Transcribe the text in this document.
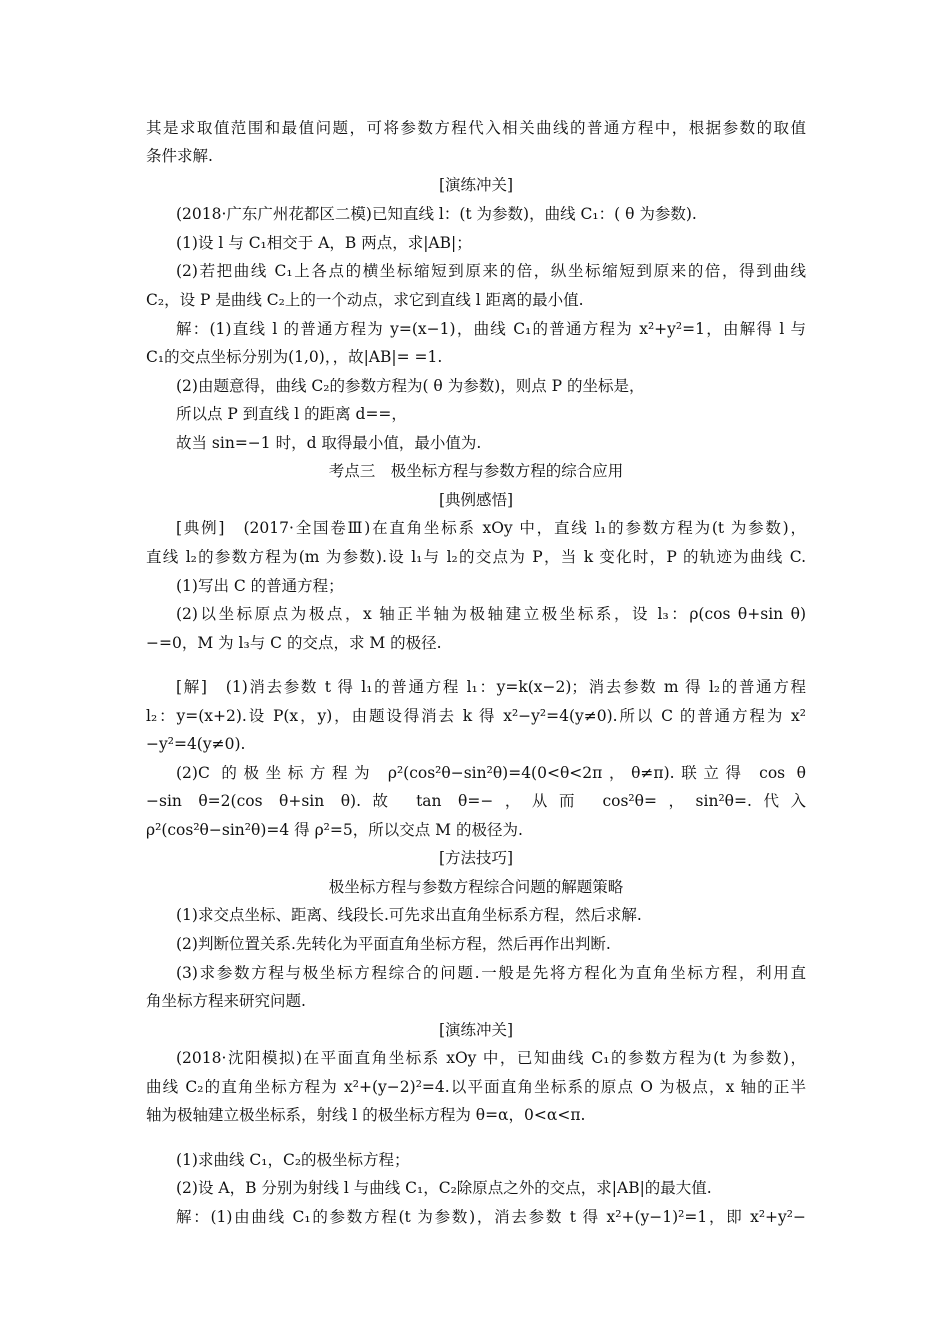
其是求取值范围和最值问题，可将参数方程代入相关曲线的普通方程中，根据参数的取值
条件求解.
[演练冲关]
(2018·广东广州花都区二模)已知直线 l：(t 为参数)，曲线 C₁：( θ 为参数).
(1)设 l 与 C₁相交于 A，B 两点，求|AB|；
(2)若把曲线 C₁上各点的横坐标缩短到原来的倍，纵坐标缩短到原来的倍，得到曲线
C₂，设 P 是曲线 C₂上的一个动点，求它到直线 l 距离的最小值.
解：(1)直线 l 的普通方程为 y=(x−1)，曲线 C₁的普通方程为 x²+y²=1，由解得 l 与
C₁的交点坐标分别为(1,0)，，故|AB|= =1.
(2)由题意得，曲线 C₂的参数方程为( θ 为参数)，则点 P 的坐标是，
所以点 P 到直线 l 的距离 d==，
故当 sin=−1 时，d 取得最小值，最小值为.
考点三　极坐标方程与参数方程的综合应用
[典例感悟]
[典例]　(2017·全国卷Ⅲ)在直角坐标系 xOy 中，直线 l₁的参数方程为(t 为参数)，
直线 l₂的参数方程为(m 为参数).设 l₁与 l₂的交点为 P，当 k 变化时，P 的轨迹为曲线 C.
(1)写出 C 的普通方程；
(2)以坐标原点为极点，x 轴正半轴为极轴建立极坐标系，设 l₃：ρ(cos θ+sin θ)
−=0，M 为 l₃与 C 的交点，求 M 的极径.
[解]　(1)消去参数 t 得 l₁的普通方程 l₁：y=k(x−2)；消去参数 m 得 l₂的普通方程
l₂：y=(x+2).设 P(x，y)，由题设得消去 k 得 x²−y²=4(y≠0).所以 C 的普通方程为 x²
−y²=4(y≠0).
(2)C 的极坐标方程为 ρ²(cos²θ−sin²θ)=4(0<θ<2π，θ≠π).联立得 cos θ
−sin θ=2(cos θ+sin θ).故 tan θ=−，从而 cos²θ=，sin²θ=.代入
ρ²(cos²θ−sin²θ)=4 得 ρ²=5，所以交点 M 的极径为.
[方法技巧]
极坐标方程与参数方程综合问题的解题策略
(1)求交点坐标、距离、线段长.可先求出直角坐标系方程，然后求解.
(2)判断位置关系.先转化为平面直角坐标方程，然后再作出判断.
(3)求参数方程与极坐标方程综合的问题.一般是先将方程化为直角坐标方程，利用直
角坐标方程来研究问题.
[演练冲关]
(2018·沈阳模拟)在平面直角坐标系 xOy 中，已知曲线 C₁的参数方程为(t 为参数)，
曲线 C₂的直角坐标方程为 x²+(y−2)²=4.以平面直角坐标系的原点 O 为极点，x 轴的正半
轴为极轴建立极坐标系，射线 l 的极坐标方程为 θ=α，0<α<π.
(1)求曲线 C₁，C₂的极坐标方程；
(2)设 A，B 分别为射线 l 与曲线 C₁，C₂除原点之外的交点，求|AB|的最大值.
解：(1)由曲线 C₁的参数方程(t 为参数)，消去参数 t 得 x²+(y−1)²=1，即 x²+y²−
